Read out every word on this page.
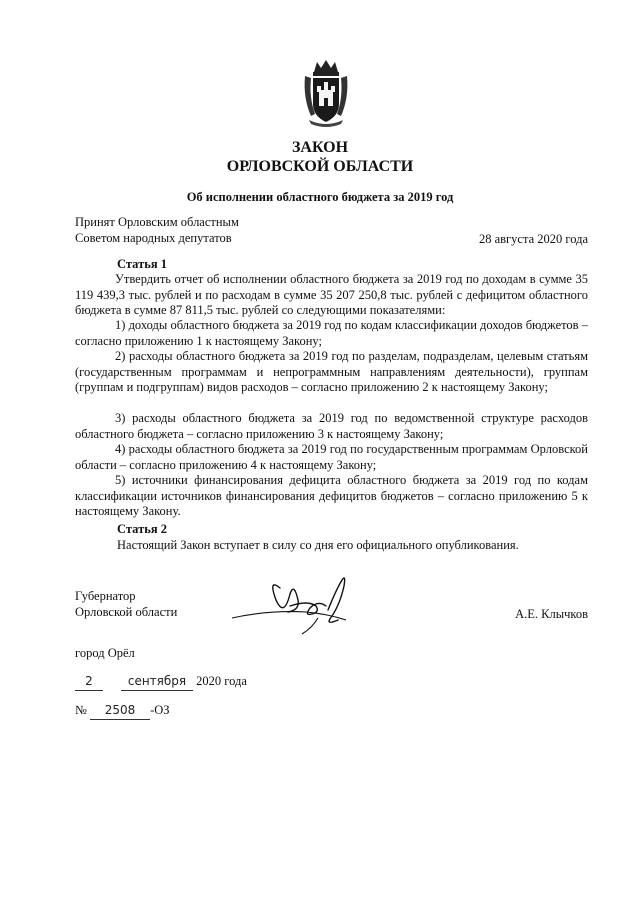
ЗАКОН
ОРЛОВСКОЙ ОБЛАСТИ
Об исполнении областного бюджета за 2019 год
Принят Орловским областным
Советом народных депутатов	28 августа 2020 года
Статья 1
Утвердить отчет об исполнении областного бюджета за 2019 год по доходам в сумме 35 119 439,3 тыс. рублей и по расходам в сумме 35 207 250,8 тыс. рублей с дефицитом областного бюджета в сумме 87 811,5 тыс. рублей со следующими показателями:
1) доходы областного бюджета за 2019 год по кодам классификации доходов бюджетов – согласно приложению 1 к настоящему Закону;
2) расходы областного бюджета за 2019 год по разделам, подразделам, целевым статьям (государственным программам и непрограммным направлениям деятельности), группам (группам и подгруппам) видов расходов – согласно приложению 2 к настоящему Закону;
3) расходы областного бюджета за 2019 год по ведомственной структуре расходов областного бюджета – согласно приложению 3 к настоящему Закону;
4) расходы областного бюджета за 2019 год по государственным программам Орловской области – согласно приложению 4 к настоящему Закону;
5) источники финансирования дефицита областного бюджета за 2019 год по кодам классификации источников финансирования дефицитов бюджетов – согласно приложению 5 к настоящему Закону.
Статья 2
Настоящий Закон вступает в силу со дня его официального опубликования.
Губернатор
Орловской области	А.Е. Клычков
город Орёл
2	сентября 2020 года
№ 2508 -ОЗ
